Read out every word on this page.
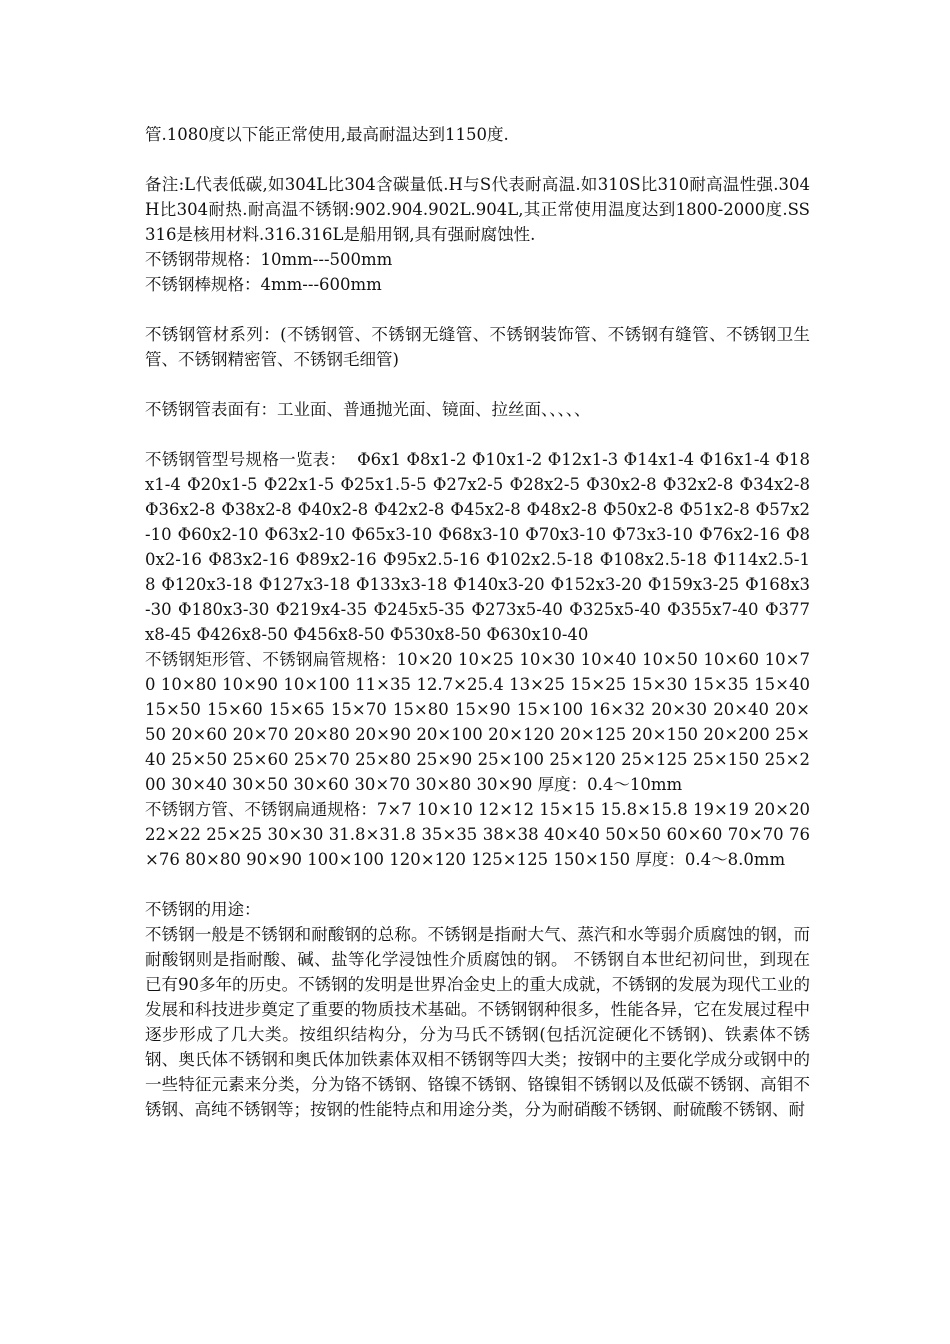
管.1080度以下能正常使用,最高耐温达到1150度.

备注:L代表低碳,如304L比304含碳量低.H与S代表耐高温.如310S比310耐高温性强.304H比304耐热.耐高温不锈钢:902.904.902L.904L,其正常使用温度达到1800-2000度.SS316是核用材料.316.316L是船用钢,具有强耐腐蚀性.

不锈钢带规格：10mm---500mm

不锈钢棒规格：4mm---600mm

不锈钢管材系列：(不锈钢管、不锈钢无缝管、不锈钢装饰管、不锈钢有缝管、不锈钢卫生管、不锈钢精密管、不锈钢毛细管)

不锈钢管表面有：工业面、普通抛光面、镜面、拉丝面、、、、、

不锈钢管型号规格一览表：  Φ6x1 Φ8x1-2 Φ10x1-2 Φ12x1-3 Φ14x1-4 Φ16x1-4 Φ18x1-4 Φ20x1-5 Φ22x1-5 Φ25x1.5-5 Φ27x2-5 Φ28x2-5 Φ30x2-8 Φ32x2-8 Φ34x2-8 Φ36x2-8 Φ38x2-8 Φ40x2-8 Φ42x2-8 Φ45x2-8 Φ48x2-8 Φ50x2-8 Φ51x2-8 Φ57x2-10 Φ60x2-10 Φ63x2-10 Φ65x3-10 Φ68x3-10 Φ70x3-10 Φ73x3-10 Φ76x2-16 Φ80x2-16 Φ83x2-16 Φ89x2-16 Φ95x2.5-16 Φ102x2.5-18 Φ108x2.5-18 Φ114x2.5-18 Φ120x3-18 Φ127x3-18 Φ133x3-18 Φ140x3-20 Φ152x3-20 Φ159x3-25 Φ168x3-30 Φ180x3-30 Φ219x4-35 Φ245x5-35 Φ273x5-40 Φ325x5-40 Φ355x7-40 Φ377x8-45 Φ426x8-50 Φ456x8-50 Φ530x8-50 Φ630x10-40

不锈钢矩形管、不锈钢扁管规格：10×20 10×25 10×30 10×40 10×50 10×60 10×70 10×80 10×90 10×100 11×35 12.7×25.4 13×25 15×25 15×30 15×35 15×40 15×50 15×60 15×65 15×70 15×80 15×90 15×100 16×32 20×30 20×40 20×50 20×60 20×70 20×80 20×90 20×100 20×120 20×125 20×150 20×200 25×40 25×50 25×60 25×70 25×80 25×90 25×100 25×120 25×125 25×150 25×200 30×40 30×50 30×60 30×70 30×80 30×90 厚度：0.4～10mm

不锈钢方管、不锈钢扁通规格：7×7 10×10 12×12 15×15 15.8×15.8 19×19 20×20 22×22 25×25 30×30 31.8×31.8 35×35 38×38 40×40 50×50 60×60 70×70 76×76 80×80 90×90 100×100 120×120 125×125 150×150 厚度：0.4～8.0mm

不锈钢的用途：

不锈钢一般是不锈钢和耐酸钢的总称。不锈钢是指耐大气、蒸汽和水等弱介质腐蚀的钢，而耐酸钢则是指耐酸、碱、盐等化学浸蚀性介质腐蚀的钢。 不锈钢自本世纪初问世，到现在已有90多年的历史。不锈钢的发明是世界冶金史上的重大成就，不锈钢的发展为现代工业的发展和科技进步奠定了重要的物质技术基础。不锈钢钢种很多，性能各异，它在发展过程中逐步形成了几大类。按组织结构分，分为马氏不锈钢(包括沉淀硬化不锈钢)、铁素体不锈钢、奥氏体不锈钢和奥氏体加铁素体双相不锈钢等四大类；按钢中的主要化学成分或钢中的一些特征元素来分类，分为铬不锈钢、铬镍不锈钢、铬镍钼不锈钢以及低碳不锈钢、高钼不锈钢、高纯不锈钢等；按钢的性能特点和用途分类，分为耐硝酸不锈钢、耐硫酸不锈钢、耐
